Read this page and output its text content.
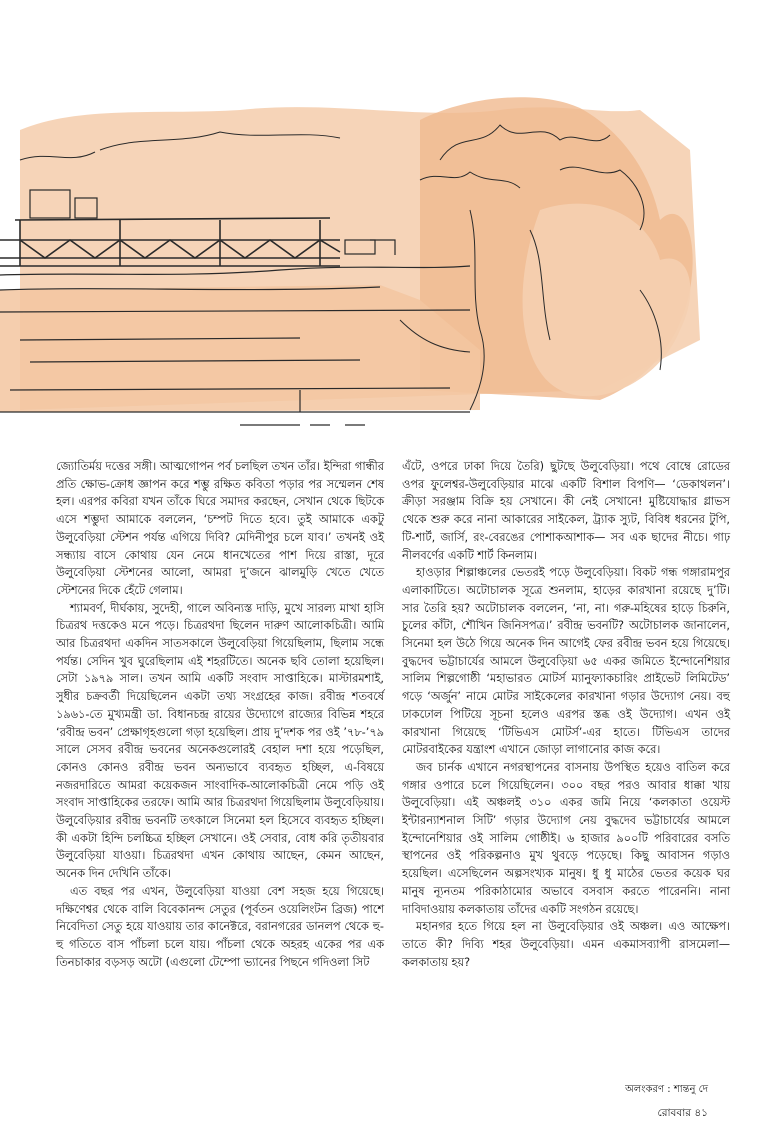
জ্যোতির্ময় দত্তের সঙ্গী। আত্মগোপন পর্ব চলছিল তখন তাঁর। ইন্দিরা গান্ধীর প্রতি ক্ষোভ-ক্রোধ জ্ঞাপন করে শম্ভু রক্ষিত কবিতা পড়ার পর সম্মেলন শেষ হল। এরপর কবিরা যখন তাঁকে ঘিরে সমাদর করছেন, সেখান থেকে ছিটকে এসে শম্ভুদা আমাকে বললেন, ‘চম্পট দিতে হবে। তুই আমাকে একটু উলুবেড়িয়া স্টেশন পর্যন্ত এগিয়ে দিবি? মেদিনীপুর চলে যাব।’ তখনই ওই সন্ধ্যায় বাসে কোথায় যেন নেমে ধানখেতের পাশ দিয়ে রাস্তা, দূরে উলুবেড়িয়া স্টেশনের আলো, আমরা দু’জনে ঝালমুড়ি খেতে খেতে স্টেশনের দিকে হেঁটে গেলাম।

শ্যামবর্ণ, দীর্ঘকায়, সুদেহী, গালে অবিন্যস্ত দাড়ি, মুখে সারল্য মাখা হাসি চিত্ররথ দত্তকেও মনে পড়ে। চিত্ররথদা ছিলেন দারুণ আলোকচিত্রী। আমি আর চিত্ররথদা একদিন সাতসকালে উলুবেড়িয়া গিয়েছিলাম, ছিলাম সন্ধে পর্যন্ত। সেদিন খুব ঘুরেছিলাম এই শহরটিতে। অনেক ছবি তোলা হয়েছিল। সেটা ১৯৭৯ সাল। তখন আমি একটি সংবাদ সাপ্তাহিকে। মাস্টারমশাই, সুধীর চক্রবর্তী দিয়েছিলেন একটা তথ্য সংগ্রহের কাজ। রবীন্দ্র শতবর্ষে ১৯৬১-তে মুখ্যমন্ত্রী ডা. বিধানচন্দ্র রায়ের উদ্যোগে রাজ্যের বিভিন্ন শহরে ‘রবীন্দ্র ভবন’ প্রেক্ষাগৃহগুলো গড়া হয়েছিল। প্রায় দু’দশক পর ওই ’৭৮-’৭৯ সালে সেসব রবীন্দ্র ভবনের অনেকগুলোরই বেহাল দশা হয়ে পড়েছিল, কোনও কোনও রবীন্দ্র ভবন অন্যভাবে ব্যবহৃত হচ্ছিল, এ-বিষয়ে নজরদারিতে আমরা কয়েকজন সাংবাদিক-আলোকচিত্রী নেমে পড়ি ওই সংবাদ সাপ্তাহিকের তরফে। আমি আর চিত্ররথদা গিয়েছিলাম উলুবেড়িয়ায়। উলুবেড়িয়ার রবীন্দ্র ভবনটি তৎকালে সিনেমা হল হিসেবে ব্যবহৃত হচ্ছিল। কী একটা হিন্দি চলচ্চিত্র হচ্ছিল সেখানে। ওই সেবার, বোধ করি তৃতীয়বার উলুবেড়িয়া যাওয়া। চিত্ররথদা এখন কোথায় আছেন, কেমন আছেন, অনেক দিন দেখিনি তাঁকে।

এত বছর পর এখন, উলুবেড়িয়া যাওয়া বেশ সহজ হয়ে গিয়েছে। দক্ষিণেশ্বর থেকে বালি বিবেকানন্দ সেতুর (পূর্বতন ওয়েলিংটন ব্রিজ) পাশে নিবেদিতা সেতু হয়ে যাওয়ায় তার কানেক্টরে, বরানগরের ডানলপ থেকে হু-হু গতিতে বাস পাঁচলা চলে যায়। পাঁচলা থেকে অহরহ একের পর এক তিনচাকার বড়সড় অটো (এগুলো টেম্পো ভ্যানের পিছনে গদিওলা সিট

এঁটে, ওপরে ঢাকা দিয়ে তৈরি) ছুটছে উলুবেড়িয়া। পথে বোম্বে রোডের ওপর ফুলেশ্বর-উলুবেড়িয়ার মাঝে একটি বিশাল বিপণি— ‘ডেকাথলন’। ক্রীড়া সরঞ্জাম বিক্রি হয় সেখানে। কী নেই সেখানে! মুষ্টিযোদ্ধার গ্লাভস থেকে শুরু করে নানা আকারের সাইকেল, ট্র্যাক স্যুট, বিবিধ ধরনের টুপি, টি-শার্ট, জার্সি, রং-বেরঙের পোশাকআশাক— সব এক ছাদের নীচে। গাঢ় নীলবর্ণের একটি শার্ট কিনলাম।

হাওড়ার শিল্পাঞ্চলের ভেতরই পড়ে উলুবেড়িয়া। বিকট গন্ধ গঙ্গারামপুর এলাকাটিতে। অটোচালক সূত্রে শুনলাম, হাড়ের কারখানা রয়েছে দু’টি। সার তৈরি হয়? অটোচালক বললেন, ‘না, না। গরু-মহিষের হাড়ে চিরুনি, চুলের কাঁটা, শৌখিন জিনিসপত্র।’ রবীন্দ্র ভবনটি? অটোচালক জানালেন, সিনেমা হল উঠে গিয়ে অনেক দিন আগেই ফের রবীন্দ্র ভবন হয়ে গিয়েছে। বুদ্ধদেব ভট্টাচার্যের আমলে উলুবেড়িয়া ৬৫ একর জমিতে ইন্দোনেশিয়ার সালিম শিল্পগোষ্ঠী ‘মহাভারত মোটর্স ম্যানুফ্যাকচারিং প্রাইভেট লিমিটেড’ গড়ে ‘অর্জুন’ নামে মোটর সাইকেলের কারখানা গড়ার উদ্যোগ নেয়। বহু ঢাকঢোল পিটিয়ে সূচনা হলেও এরপর স্তব্ধ ওই উদ্যোগ। এখন ওই কারখানা গিয়েছে ‘টিভিএস মোটর্স’-এর হাতে। টিভিএস তাদের মোটরবাইকের যন্ত্রাংশ এখানে জোড়া লাগানোর কাজ করে।

জব চার্নক এখানে নগরস্থাপনের বাসনায় উপস্থিত হয়েও বাতিল করে গঙ্গার ওপারে চলে গিয়েছিলেন। ৩০০ বছর পরও আবার ধাক্কা খায় উলুবেড়িয়া। এই অঞ্চলই ৩১০ একর জমি নিয়ে ‘কলকাতা ওয়েস্ট ইন্টারন্যাশনাল সিটি’ গড়ার উদ্যোগ নেয় বুদ্ধদেব ভট্টাচার্যের আমলে ইন্দোনেশিয়ার ওই সালিম গোষ্ঠীই। ৬ হাজার ৯০০টি পরিবারের বসতি স্থাপনের ওই পরিকল্পনাও মুখ থুবড়ে পড়েছে। কিছু আবাসন গড়াও হয়েছিল। এসেছিলেন অল্পসংখ্যক মানুষ। ধু ধু মাঠের ভেতর কয়েক ঘর মানুষ ন্যূনতম পরিকাঠামোর অভাবে বসবাস করতে পারেননি। নানা দাবিদাওয়ায় কলকাতায় তাঁদের একটি সংগঠন রয়েছে।

মহানগর হতে গিয়ে হল না উলুবেড়িয়ার ওই অঞ্চল। এও আক্ষেপ। তাতে কী? দিব্যি শহর উলুবেড়িয়া। এমন একমাসব্যাপী রাসমেলা— কলকাতায় হয়?

অলংকরণ : শান্তনু দে
রোববার ৪১
